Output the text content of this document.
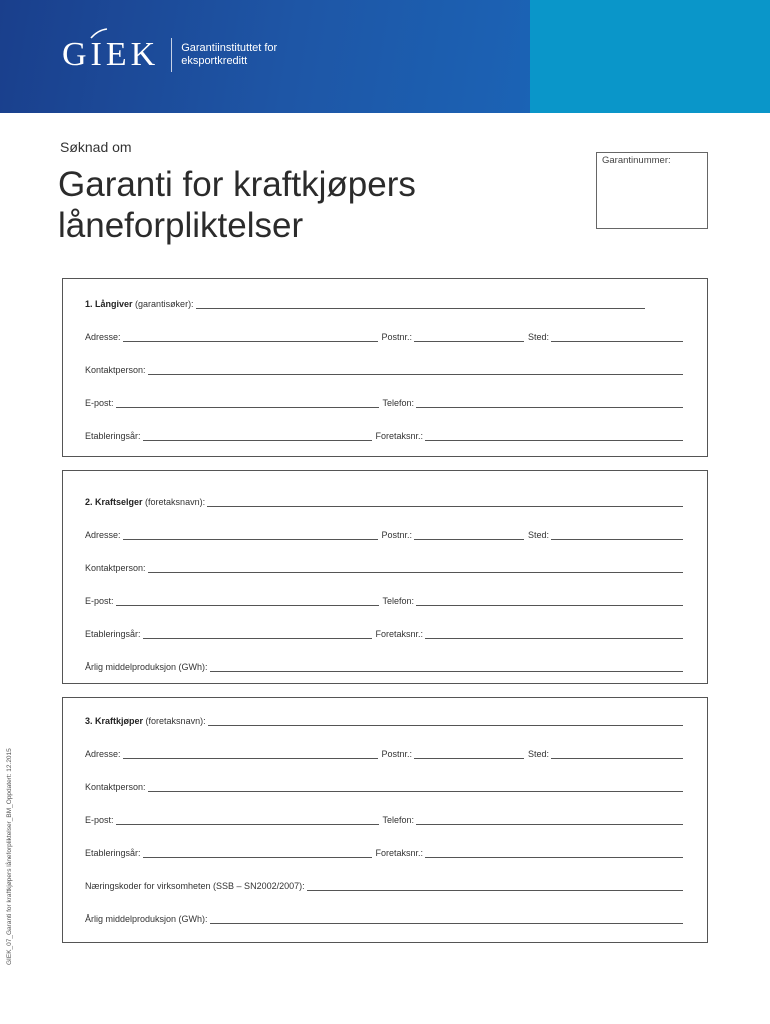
GIEK Garantiinstituttet for
eksportkreditt
Søknad om
Garanti for kraftkjøpers
låneforpliktelser
Garantinummer:
GIEK_07_Garanti for kraftkjøpers låneforpliktelser_BM_Oppdatert: 12.2015
1. Långiver (garantisøker):
Adresse:	Postnr.:	Sted:
Kontaktperson:
E-post:	Telefon:
Etableringsår:	Foretaksnr.:
2. Kraftselger (foretaksnavn):
Adresse:	Postnr.:	Sted:
Kontaktperson:
E-post:	Telefon:
Etableringsår:	Foretaksnr.:
Årlig middelproduksjon (GWh):
3. Kraftkjøper (foretaksnavn):
Adresse:	Postnr.:	Sted:
Kontaktperson:
E-post:	Telefon:
Etableringsår:	Foretaksnr.:
Næringskoder for virksomheten (SSB – SN2002/2007):
Årlig middelproduksjon (GWh):
